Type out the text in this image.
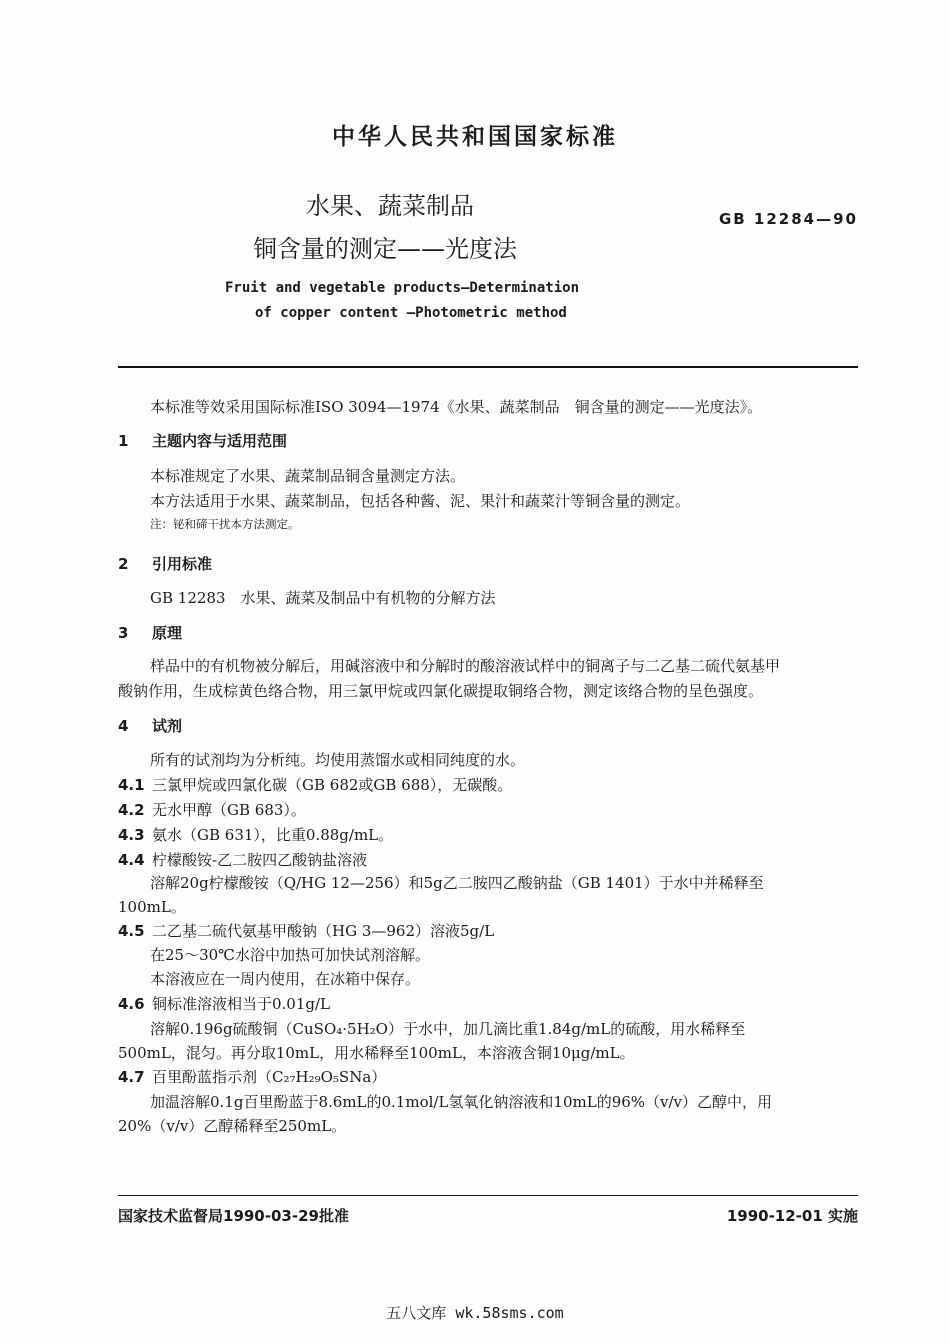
中华人民共和国国家标准
水果、蔬菜制品
铜含量的测定——光度法
GB 12284—90
Fruit and vegetable products—Determination
of copper content —Photometric method
本标准等效采用国际标准ISO 3094—1974《水果、蔬菜制品　铜含量的测定——光度法》。
1 主题内容与适用范围
本标准规定了水果、蔬菜制品铜含量测定方法。
本方法适用于水果、蔬菜制品，包括各种酱、泥、果汁和蔬菜汁等铜含量的测定。
注：铋和碲干扰本方法测定。
2 引用标准
GB 12283　水果、蔬菜及制品中有机物的分解方法
3 原理
样品中的有机物被分解后，用碱溶液中和分解时的酸溶液试样中的铜离子与二乙基二硫代氨基甲
酸钠作用，生成棕黄色络合物，用三氯甲烷或四氯化碳提取铜络合物，测定该络合物的呈色强度。
4 试剂
所有的试剂均为分析纯。均使用蒸馏水或相同纯度的水。
4.1 三氯甲烷或四氯化碳（GB 682或GB 688），无碳酸。
4.2 无水甲醇（GB 683）。
4.3 氨水（GB 631），比重0.88g/mL。
4.4 柠檬酸铵-乙二胺四乙酸钠盐溶液
溶解20g柠檬酸铵（Q/HG 12—256）和5g乙二胺四乙酸钠盐（GB 1401）于水中并稀释至
100mL。
4.5 二乙基二硫代氨基甲酸钠（HG 3—962）溶液5g/L
在25～30℃水浴中加热可加快试剂溶解。
本溶液应在一周内使用，在冰箱中保存。
4.6 铜标准溶液相当于0.01g/L
溶解0.196g硫酸铜（CuSO₄·5H₂O）于水中，加几滴比重1.84g/mL的硫酸，用水稀释至
500mL，混匀。再分取10mL，用水稀释至100mL，本溶液含铜10μg/mL。
4.7 百里酚蓝指示剂（C₂₇H₂₉O₅SNa）
加温溶解0.1g百里酚蓝于8.6mL的0.1mol/L氢氧化钠溶液和10mL的96%（v/v）乙醇中，用
20%（v/v）乙醇稀释至250mL。
国家技术监督局1990-03-29批准	1990-12-01 实施
五八文库 wk.58sms.com
